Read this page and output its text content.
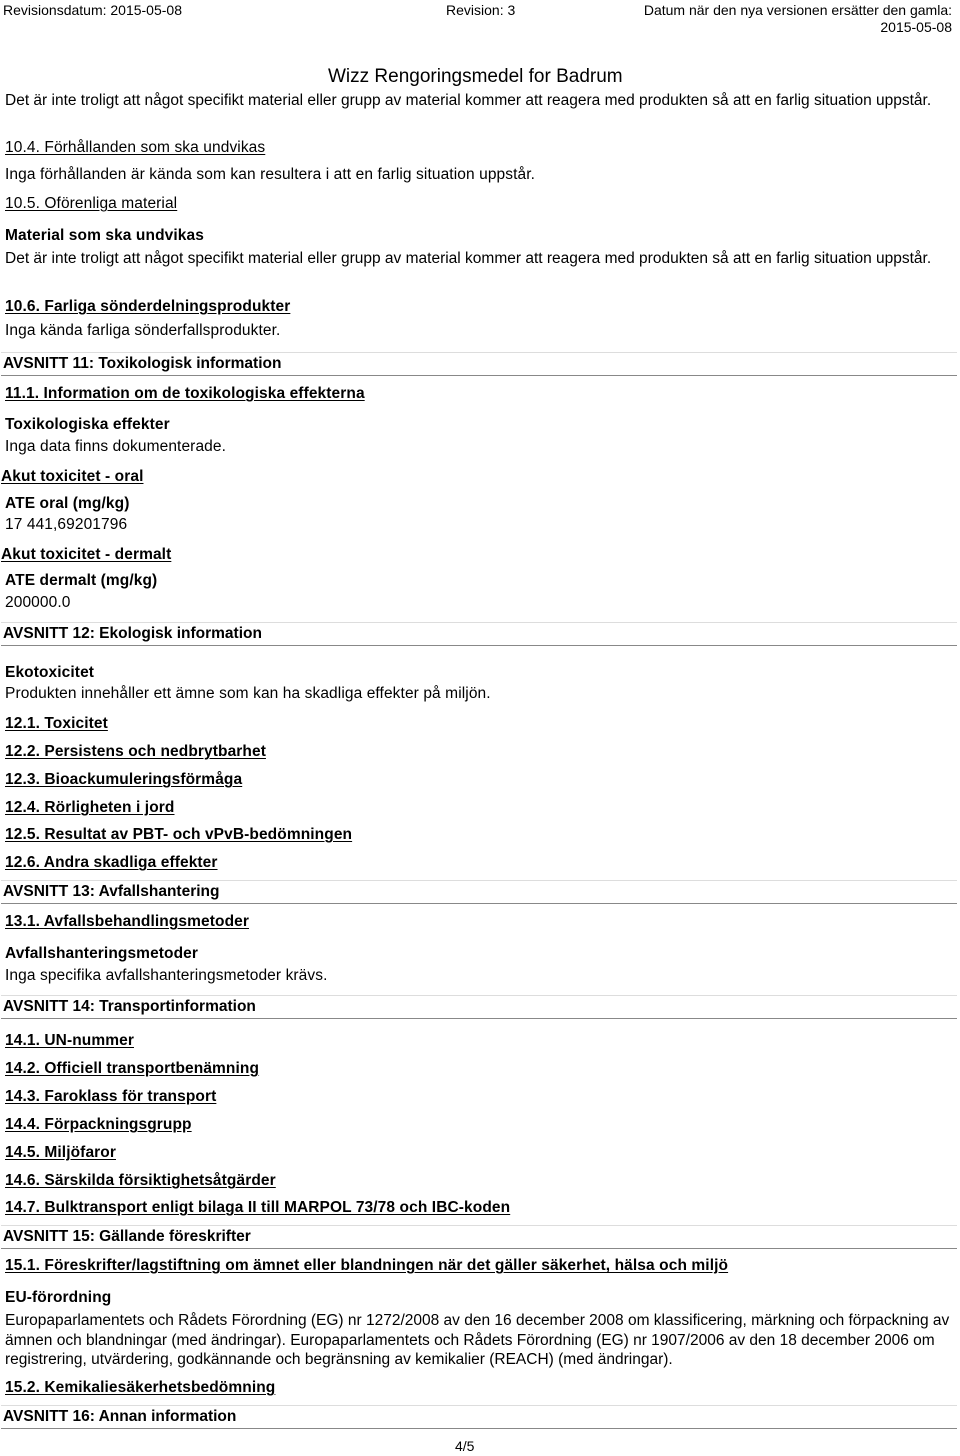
Revisionsdatum: 2015-05-08	Revision: 3	Datum när den nya versionen ersätter den gamla:
2015-05-08
Wizz Rengoringsmedel for Badrum
Det är inte troligt att något specifikt material eller grupp av material kommer att reagera med produkten så att en farlig situation uppstår.
10.4. Förhållanden som ska undvikas
Inga förhållanden är kända som kan resultera i att en farlig situation uppstår.
10.5. Oförenliga material
Material som ska undvikas
Det är inte troligt att något specifikt material eller grupp av material kommer att reagera med produkten så att en farlig situation uppstår.
10.6. Farliga sönderdelningsprodukter
Inga kända farliga sönderfallsprodukter.
AVSNITT 11: Toxikologisk information
11.1. Information om de toxikologiska effekterna
Toxikologiska effekter
Inga data finns dokumenterade.
Akut toxicitet - oral
ATE oral (mg/kg)
17 441,69201796
Akut toxicitet - dermalt
ATE dermalt (mg/kg)
200000.0
AVSNITT 12: Ekologisk information
Ekotoxicitet
Produkten innehåller ett ämne som kan ha skadliga effekter på miljön.
12.1. Toxicitet
12.2. Persistens och nedbrytbarhet
12.3. Bioackumuleringsförmåga
12.4. Rörligheten i jord
12.5. Resultat av PBT- och vPvB-bedömningen
12.6. Andra skadliga effekter
AVSNITT 13: Avfallshantering
13.1. Avfallsbehandlingsmetoder
Avfallshanteringsmetoder
Inga specifika avfallshanteringsmetoder krävs.
AVSNITT 14: Transportinformation
14.1. UN-nummer
14.2. Officiell transportbenämning
14.3. Faroklass för transport
14.4. Förpackningsgrupp
14.5. Miljöfaror
14.6. Särskilda försiktighetsåtgärder
14.7. Bulktransport enligt bilaga II till MARPOL 73/78 och IBC-koden
AVSNITT 15: Gällande föreskrifter
15.1. Föreskrifter/lagstiftning om ämnet eller blandningen när det gäller säkerhet, hälsa och miljö
EU-förordning
Europaparlamentets och Rådets Förordning (EG) nr 1272/2008 av den 16 december 2008 om klassificering, märkning och förpackning av ämnen och blandningar (med ändringar). Europaparlamentets och Rådets Förordning (EG) nr 1907/2006 av den 18 december 2006 om registrering, utvärdering, godkännande och begränsning av kemikalier (REACH) (med ändringar).
15.2. Kemikaliesäkerhetsbedömning
AVSNITT 16: Annan information
4/5
